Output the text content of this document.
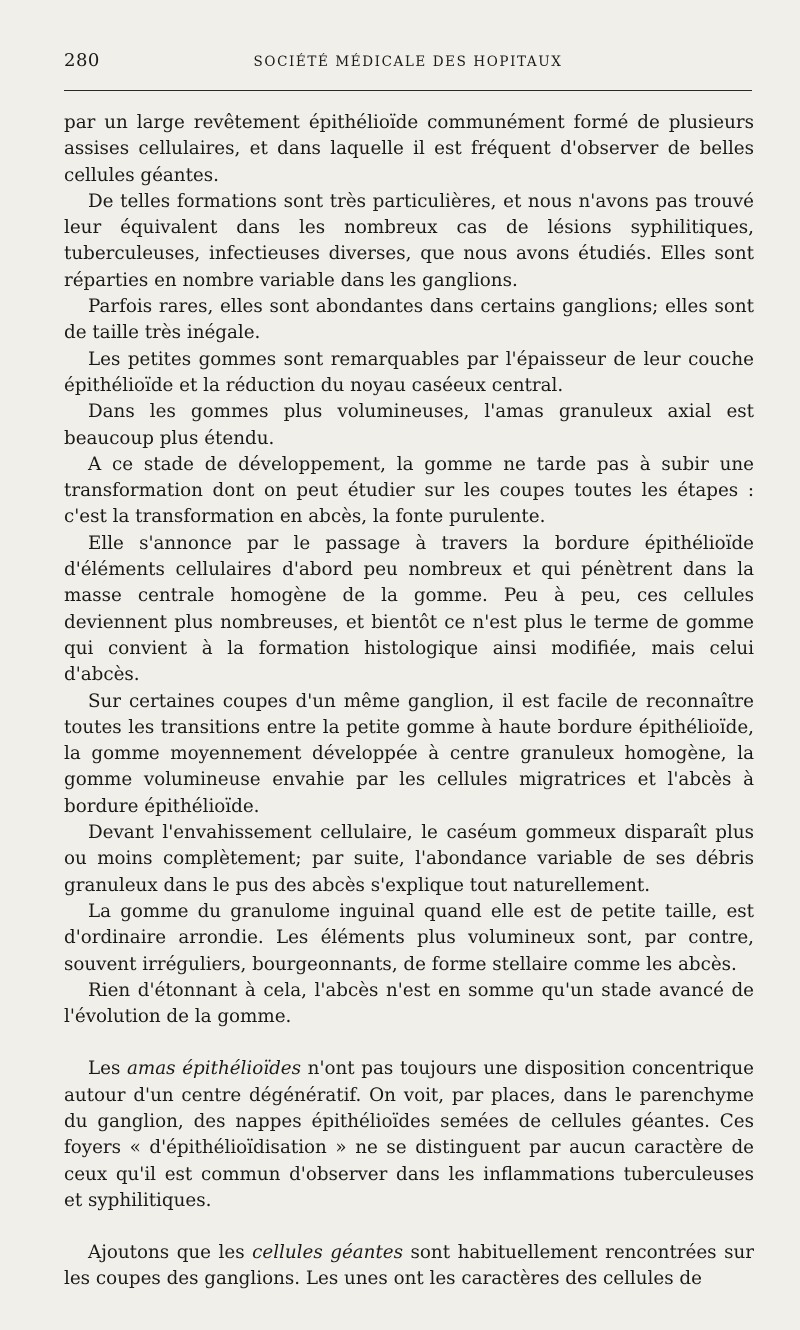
280	SOCIÉTÉ MÉDICALE DES HOPITAUX

par un large revêtement épithélioïde communément formé de plusieurs assises cellulaires, et dans laquelle il est fréquent d'observer de belles cellules géantes.

De telles formations sont très particulières, et nous n'avons pas trouvé leur équivalent dans les nombreux cas de lésions syphilitiques, tuberculeuses, infectieuses diverses, que nous avons étudiés. Elles sont réparties en nombre variable dans les ganglions.

Parfois rares, elles sont abondantes dans certains ganglions; elles sont de taille très inégale.

Les petites gommes sont remarquables par l'épaisseur de leur couche épithélioïde et la réduction du noyau caséeux central.

Dans les gommes plus volumineuses, l'amas granuleux axial est beaucoup plus étendu.

A ce stade de développement, la gomme ne tarde pas à subir une transformation dont on peut étudier sur les coupes toutes les étapes : c'est la transformation en abcès, la fonte purulente.

Elle s'annonce par le passage à travers la bordure épithélioïde d'éléments cellulaires d'abord peu nombreux et qui pénètrent dans la masse centrale homogène de la gomme. Peu à peu, ces cellules deviennent plus nombreuses, et bientôt ce n'est plus le terme de gomme qui convient à la formation histologique ainsi modifiée, mais celui d'abcès.

Sur certaines coupes d'un même ganglion, il est facile de reconnaître toutes les transitions entre la petite gomme à haute bordure épithélioïde, la gomme moyennement développée à centre granuleux homogène, la gomme volumineuse envahie par les cellules migratrices et l'abcès à bordure épithélioïde.

Devant l'envahissement cellulaire, le caséum gommeux disparaît plus ou moins complètement; par suite, l'abondance variable de ses débris granuleux dans le pus des abcès s'explique tout naturellement.

La gomme du granulome inguinal quand elle est de petite taille, est d'ordinaire arrondie. Les éléments plus volumineux sont, par contre, souvent irréguliers, bourgeonnants, de forme stellaire comme les abcès.

Rien d'étonnant à cela, l'abcès n'est en somme qu'un stade avancé de l'évolution de la gomme.

Les amas épithélioïdes n'ont pas toujours une disposition concentrique autour d'un centre dégénératif. On voit, par places, dans le parenchyme du ganglion, des nappes épithélioïdes semées de cellules géantes. Ces foyers « d'épithélioïdisation » ne se distinguent par aucun caractère de ceux qu'il est commun d'observer dans les inflammations tuberculeuses et syphilitiques.

Ajoutons que les cellules géantes sont habituellement rencontrées sur les coupes des ganglions. Les unes ont les caractères des cellules de
